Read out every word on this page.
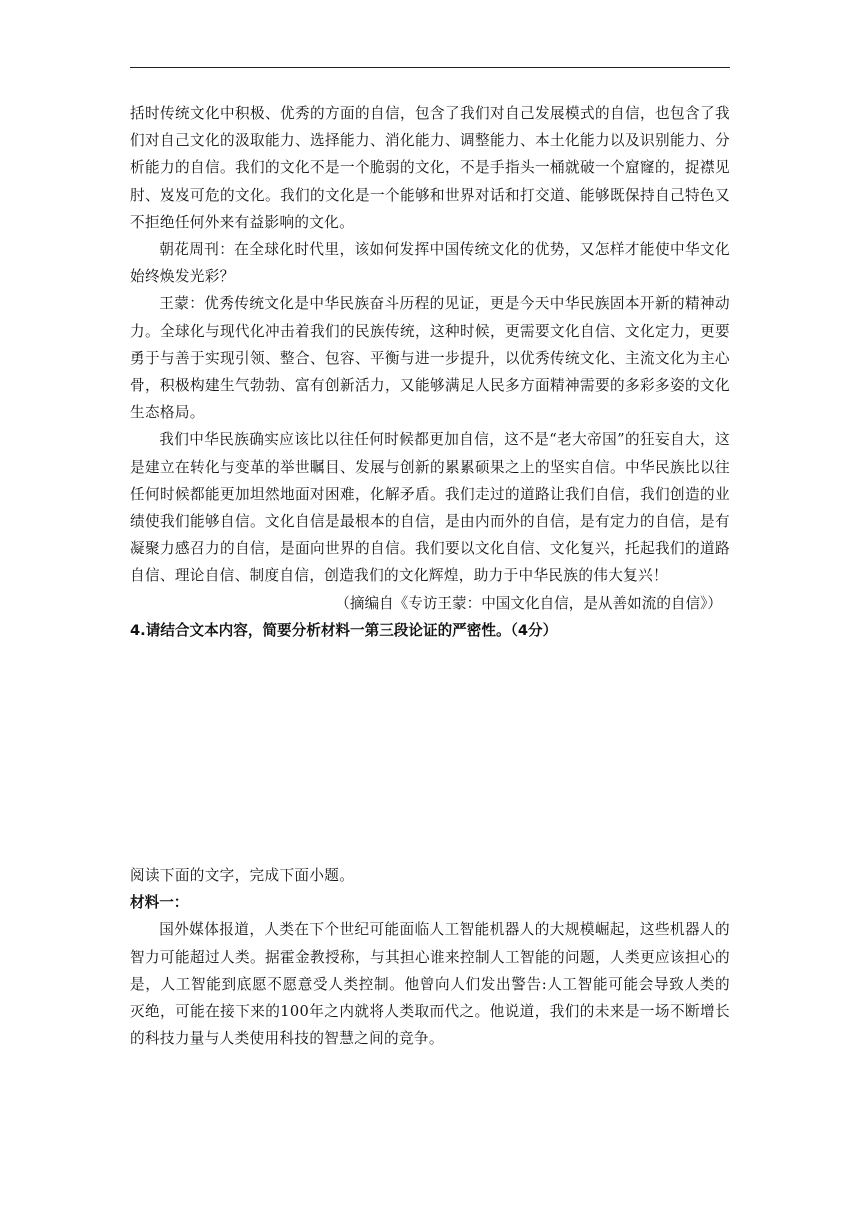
括时传统文化中积极、优秀的方面的自信，包含了我们对自己发展模式的自信，也包含了我们对自己文化的汲取能力、选择能力、消化能力、调整能力、本土化能力以及识别能力、分析能力的自信。我们的文化不是一个脆弱的文化，不是手指头一桶就破一个窟窿的，捉襟见肘、岌岌可危的文化。我们的文化是一个能够和世界对话和打交道、能够既保持自己特色又不拒绝任何外来有益影响的文化。

朝花周刊：在全球化时代里，该如何发挥中国传统文化的优势，又怎样才能使中华文化始终焕发光彩？

王蒙：优秀传统文化是中华民族奋斗历程的见证，更是今天中华民族固本开新的精神动力。全球化与现代化冲击着我们的民族传统，这种时候，更需要文化自信、文化定力，更要勇于与善于实现引领、整合、包容、平衡与进一步提升，以优秀传统文化、主流文化为主心骨，积极构建生气勃勃、富有创新活力，又能够满足人民多方面精神需要的多彩多姿的文化生态格局。

我们中华民族确实应该比以往任何时候都更加自信，这不是“老大帝国”的狂妄自大，这是建立在转化与变革的举世瞩目、发展与创新的累累硕果之上的坚实自信。中华民族比以往任何时候都能更加坦然地面对困难，化解矛盾。我们走过的道路让我们自信，我们创造的业绩使我们能够自信。文化自信是最根本的自信，是由内而外的自信，是有定力的自信，是有凝聚力感召力的自信，是面向世界的自信。我们要以文化自信、文化复兴，托起我们的道路自信、理论自信、制度自信，创造我们的文化辉煌，助力于中华民族的伟大复兴！

（摘编自《专访王蒙：中国文化自信，是从善如流的自信》）

4.请结合文本内容，简要分析材料一第三段论证的严密性。（4分）

阅读下面的文字，完成下面小题。

材料一：

国外媒体报道，人类在下个世纪可能面临人工智能机器人的大规模崛起，这些机器人的智力可能超过人类。据霍金教授称，与其担心谁来控制人工智能的问题，人类更应该担心的是，人工智能到底愿不愿意受人类控制。他曾向人们发出警告:人工智能可能会导致人类的灭绝，可能在接下来的100年之内就将人类取而代之。他说道，我们的未来是一场不断增长的科技力量与人类使用科技的智慧之间的竞争。
